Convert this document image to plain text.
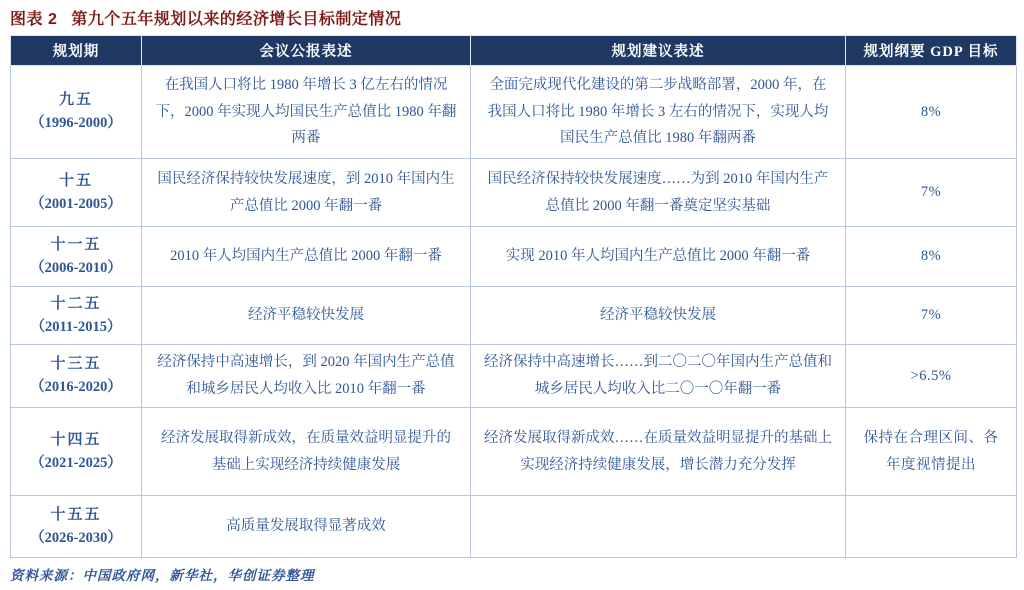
图表 2 第九个五年规划以来的经济增长目标制定情况
规划期	会议公报表述	规划建议表述	规划纲要 GDP 目标

九五
（1996-2000）	在我国人口将比 1980 年增长 3 亿左右的情况下，2000 年实现人均国民生产总值比 1980 年翻两番	全面完成现代化建设的第二步战略部署，2000 年，在我国人口将比 1980 年增长 3 左右的情况下，实现人均国民生产总值比 1980 年翻两番	8%

十五
（2001-2005）	国民经济保持较快发展速度，到 2010 年国内生产总值比 2000 年翻一番	国民经济保持较快发展速度……为到 2010 年国内生产总值比 2000 年翻一番奠定坚实基础	7%

十一五
（2006-2010）	2010 年人均国内生产总值比 2000 年翻一番	实现 2010 年人均国内生产总值比 2000 年翻一番	8%

十二五
（2011-2015）	经济平稳较快发展	经济平稳较快发展	7%

十三五
（2016-2020）	经济保持中高速增长，到 2020 年国内生产总值和城乡居民人均收入比 2010 年翻一番	经济保持中高速增长……到二〇二〇年国内生产总值和城乡居民人均收入比二〇一〇年翻一番	>6.5%

十四五
（2021-2025）	经济发展取得新成效，在质量效益明显提升的基础上实现经济持续健康发展	经济发展取得新成效……在质量效益明显提升的基础上实现经济持续健康发展，增长潜力充分发挥	保持在合理区间、各年度视情提出

十五五
（2026-2030）	高质量发展取得显著成效		
资料来源：中国政府网，新华社，华创证券整理
